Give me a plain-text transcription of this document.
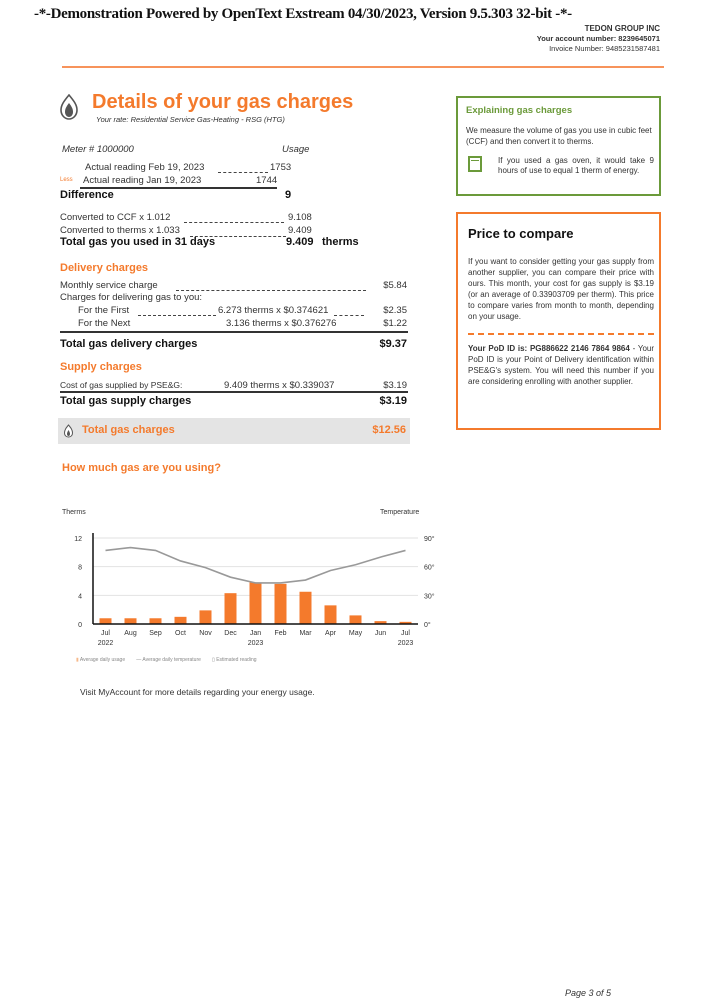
-*-Demonstration Powered by OpenText Exstream 04/30/2023, Version 9.5.303 32-bit -*-
TEDON GROUP INC
Your account number: 8239645071
Invoice Number: 9485231587481
Details of your gas charges
Your rate: Residential Service Gas-Heating - RSG (HTG)
Meter # 1000000	Usage
Actual reading Feb 19, 2023	1753
Less Actual reading Jan 19, 2023	1744
Difference	9
Converted to CCF x 1.012	9.108
Converted to therms x 1.033	9.409
Total gas you used in 31 days	9.409 therms
Delivery charges
Monthly service charge	$5.84
Charges for delivering gas to you:
For the First	6.273 therms x $0.374621	$2.35
For the Next	3.136 therms x $0.376276	$1.22
Total gas delivery charges	$9.37
Supply charges
Cost of gas supplied by PSE&G:	9.409 therms x $0.339037	$3.19
Total gas supply charges	$3.19
Total gas charges	$12.56
Explaining gas charges
We measure the volume of gas you use in cubic feet (CCF) and then convert it to therms.
If you used a gas oven, it would take 9 hours of use to equal 1 therm of energy.
Price to compare
If you want to consider getting your gas supply from another supplier, you can compare their price with ours. This month, your cost for gas supply is $3.19 (or an average of 0.33903709 per therm). This price to compare varies from month to month, depending on your usage.
Your PoD ID is: PG886622 2146 7864 9864 - Your PoD ID is your Point of Delivery identification within PSE&G's system. You will need this number if you are considering enrolling with another supplier.
How much gas are you using?
Therms	Temperature
0	0°
4	30°
8	60°
12	90°
Jul Aug Sep Oct Nov Dec Jan Feb Mar Apr May Jun Jul
2022	2023	2023
▮ Average daily usage — Average daily temperature ▯ Estimated reading
Visit MyAccount for more details regarding your energy usage.
Page 3 of 5
